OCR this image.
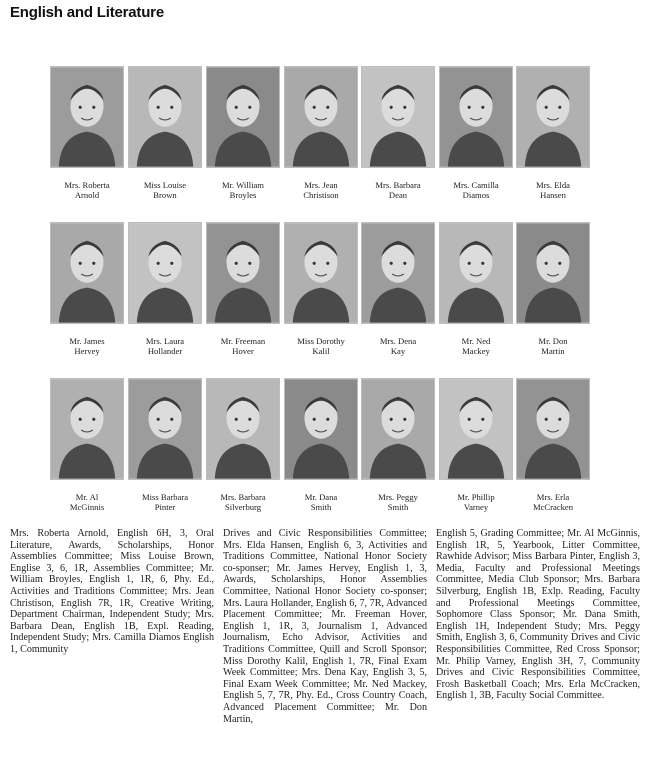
English and Literature
Mrs. Roberta
Arnold
Miss Louise
Brown
Mr. William
Broyles
Mrs. Jean
Christison
Mrs. Barbara
Dean
Mrs. Camilla
Diamos
Mrs. Elda
Hansen
Mr. James
Hervey
Mrs. Laura
Hollander
Mr. Freeman
Hover
Miss Dorothy
Kalil
Mrs. Dena
Kay
Mr. Ned
Mackey
Mr. Don
Martin
Mr. Al
McGinnis
Miss Barbara
Pinter
Mrs. Barbara
Silverburg
Mr. Dana
Smith
Mrs. Peggy
Smith
Mr. Phillip
Varney
Mrs. Erla
McCracken
Mrs. Roberta Arnold, English 6H, 3, Oral Literature, Awards, Scholarships, Honor Assemblies Committee; Miss Louise Brown, Englise 3, 6, 1R, Assemblies Committee; Mr. William Broyles, English 1, 1R, 6, Phy. Ed., Activities and Traditions Committee; Mrs. Jean Christison, English 7R, 1R, Creative Writing, Department Chairman, Independent Study; Mrs. Barbara Dean, English 1B, Expl. Reading, Independent Study; Mrs. Camilla Diamos English 1, Community
Drives and Civic Responsibilities Committee; Mrs. Elda Hansen, English 6, 3, Activities and Traditions Committee, National Honor Society co-sponser; Mr. James Hervey, English 1, 3, Awards, Scholarships, Honor Assemblies Committee, National Honor Society co-sponser; Mrs. Laura Hollander, English 6, 7, 7R, Advanced Placement Committee; Mr. Freeman Hover, English 1, 1R, 3, Journalism 1, Advanced Journalism, Echo Advisor, Activities and Traditions Committee, Quill and Scroll Sponsor; Miss Dorothy Kalil, English 1, 7R, Final Exam Week Committee; Mrs. Dena Kay, English 3, 5, Final Exam Week Committee; Mr. Ned Mackey, English 5, 7, 7R, Phy. Ed., Cross Country Coach, Advanced Placement Committee; Mr. Don Martin,
English 5, Grading Committee; Mr. Al McGinnis, English 1R, 5, Yearbook, Litter Committee, Rawhide Advisor; Miss Barbara Pinter, English 3, Media, Faculty and Professional Meetings Committee, Media Club Sponsor; Mrs. Barbara Silverburg, English 1B, Exlp. Reading, Faculty and Professional Meetings Committee, Sophomore Class Sponsor; Mr. Dana Smith, English 1H, Independent Study; Mrs. Peggy Smith, English 3, 6, Community Drives and Civic Responsibilities Committee, Red Cross Sponsor; Mr. Philip Varney, English 3H, 7, Community Drives and Civic Responsibilities Committee, Frosh Basketball Coach; Mrs. Erla McCracken, English 1, 3B, Faculty Social Committee.
